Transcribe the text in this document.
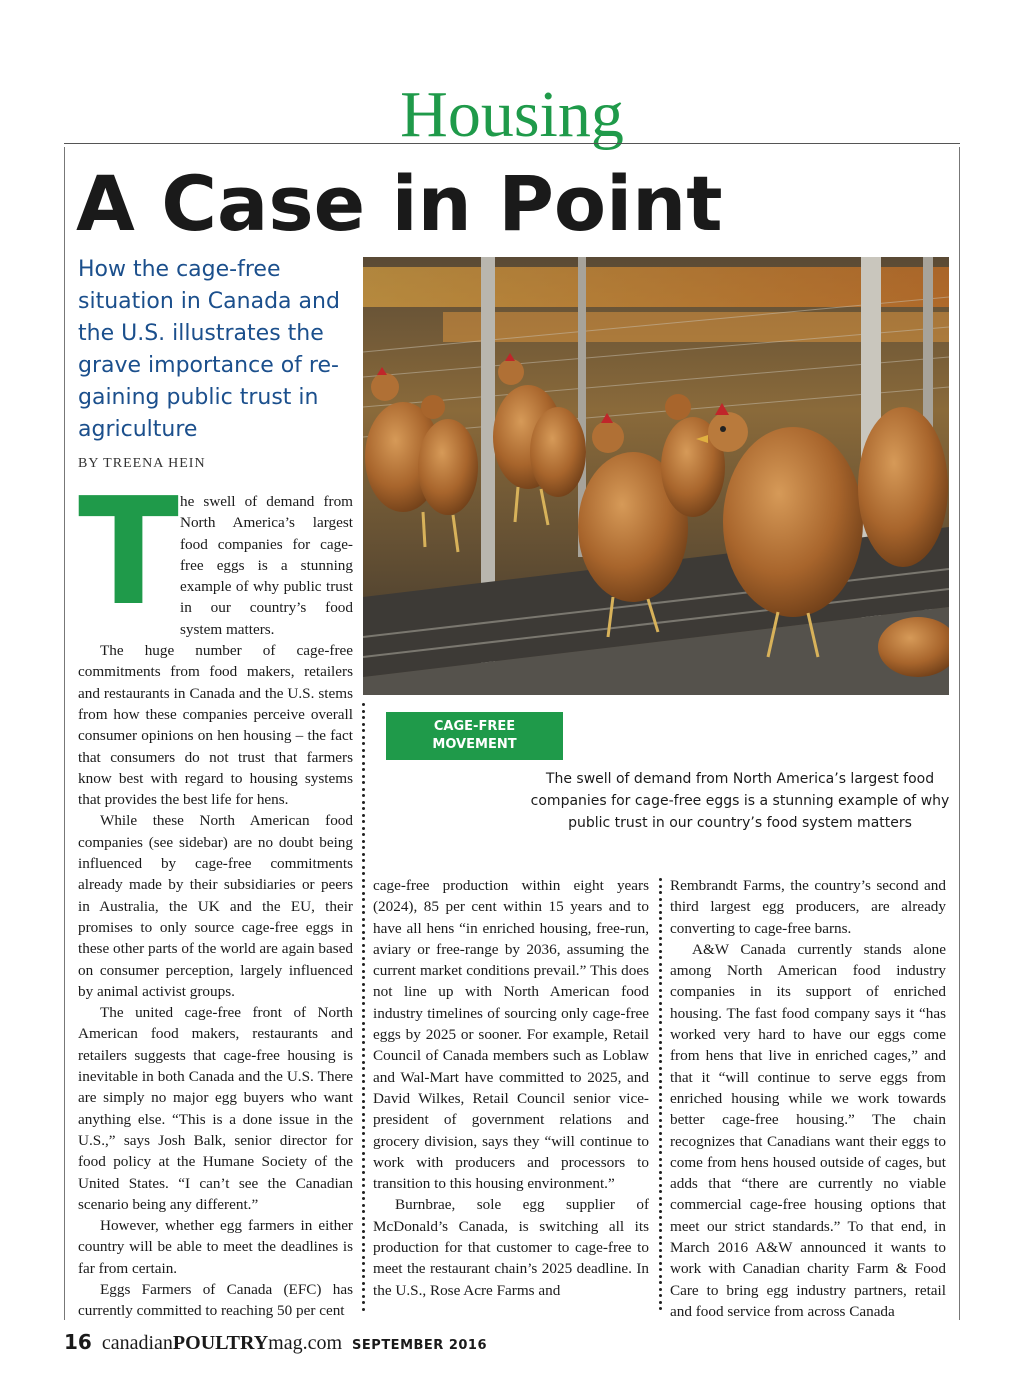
Housing
A Case in Point
How the cage-free situation in Canada and the U.S. illustrates the grave importance of re-gaining public trust in agriculture
BY TREENA HEIN
CAGE-FREE
MOVEMENT
The swell of demand from North America’s largest food companies for cage-free eggs is a stunning example of why public trust in our country’s food system matters

The swell of demand from North America’s largest food companies for cage-free eggs is a stunning example of why public trust in our country’s food system matters.

The huge number of cage-free commitments from food makers, retailers and restaurants in Canada and the U.S. stems from how these companies perceive overall consumer opinions on hen housing – the fact that consumers do not trust that farmers know best with regard to housing systems that provides the best life for hens.

While these North American food companies (see sidebar) are no doubt being influenced by cage-free commitments already made by their subsidiaries or peers in Australia, the UK and the EU, their promises to only source cage-free eggs in these other parts of the world are again based on consumer perception, largely influenced by animal activist groups.

The united cage-free front of North American food makers, restaurants and retailers suggests that cage-free housing is inevitable in both Canada and the U.S. There are simply no major egg buyers who want anything else. “This is a done issue in the U.S.,” says Josh Balk, senior director for food policy at the Humane Society of the United States. “I can’t see the Canadian scenario being any different.”

However, whether egg farmers in either country will be able to meet the deadlines is far from certain.

Eggs Farmers of Canada (EFC) has currently committed to reaching 50 per cent

cage-free production within eight years (2024), 85 per cent within 15 years and to have all hens “in enriched housing, free-run, aviary or free-range by 2036, assuming the current market conditions prevail.” This does not line up with North American food industry timelines of sourcing only cage-free eggs by 2025 or sooner. For example, Retail Council of Canada members such as Loblaw and Wal-Mart have committed to 2025, and David Wilkes, Retail Council senior vice-president of government relations and grocery division, says they “will continue to work with producers and processors to transition to this housing environment.”

Burnbrae, sole egg supplier of McDonald’s Canada, is switching all its production for that customer to cage-free to meet the restaurant chain’s 2025 deadline. In the U.S., Rose Acre Farms and

Rembrandt Farms, the country’s second and third largest egg producers, are already converting to cage-free barns.

A&W Canada currently stands alone among North American food industry companies in its support of enriched housing. The fast food company says it “has worked very hard to have our eggs come from hens that live in enriched cages,” and that it “will continue to serve eggs from enriched housing while we work towards better cage-free housing.” The chain recognizes that Canadians want their eggs to come from hens housed outside of cages, but adds that “there are currently no viable commercial cage-free housing options that meet our strict standards.” To that end, in March 2016 A&W announced it wants to work with Canadian charity Farm & Food Care to bring egg industry partners, retail and food service from across Canada

16 canadianPOULTRYmag.com SEPTEMBER 2016
